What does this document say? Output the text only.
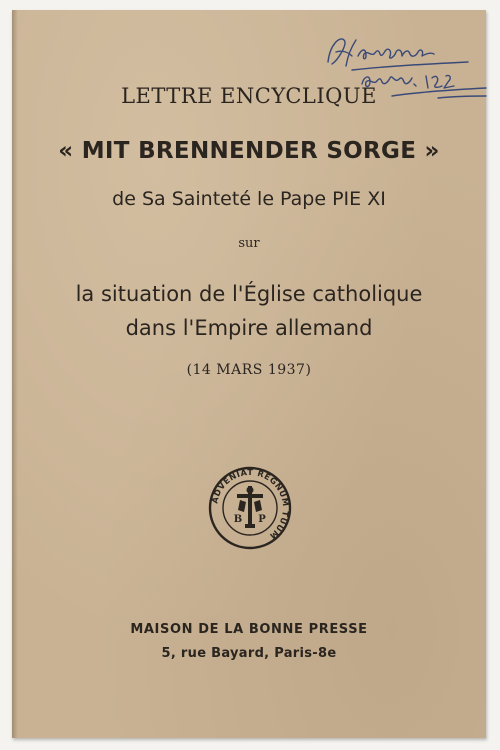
LETTRE ENCYCLIQUE

« MIT BRENNENDER SORGE »

de Sa Sainteté le Pape PIE XI

sur

la situation de l'Église catholique

dans l'Empire allemand

(14 MARS 1937)

ADVENIAT REGNUM TUUM
B P

MAISON DE LA BONNE PRESSE

5, rue Bayard, Paris-8e
